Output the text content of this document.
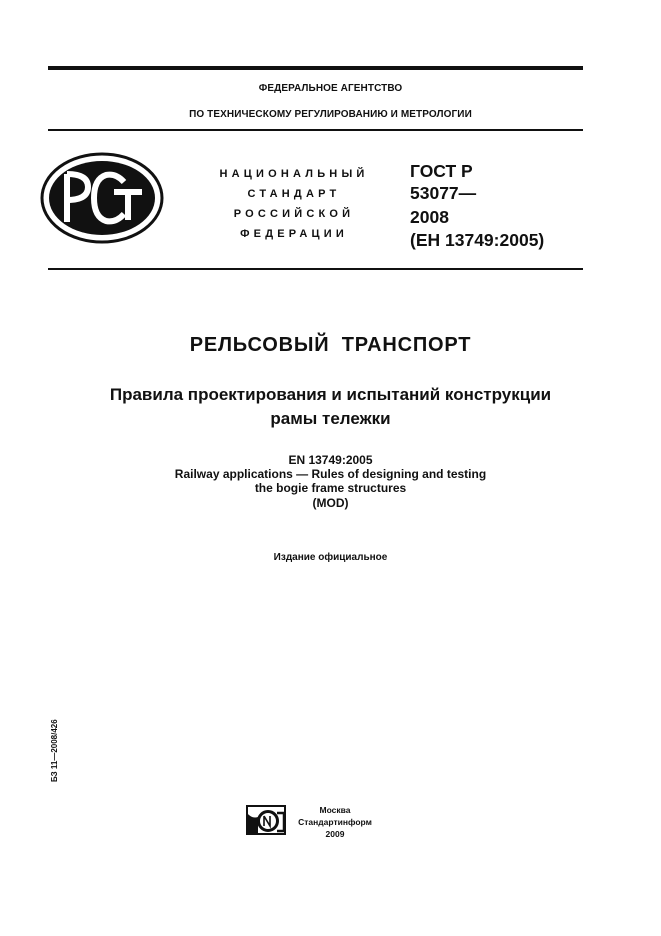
ФЕДЕРАЛЬНОЕ АГЕНТСТВО
ПО ТЕХНИЧЕСКОМУ РЕГУЛИРОВАНИЮ И МЕТРОЛОГИИ
НАЦИОНАЛЬНЫЙ
СТАНДАРТ
РОССИЙСКОЙ
ФЕДЕРАЦИИ
ГОСТ Р
53077—
2008
(ЕН 13749:2005)
РЕЛЬСОВЫЙ ТРАНСПОРТ
Правила проектирования и испытаний конструкции
рамы тележки
EN 13749:2005
Railway applications — Rules of designing and testing
the bogie frame structures
(MOD)
Издание официальное
БЗ 11—2008/426
Москва
Стандартинформ
2009
